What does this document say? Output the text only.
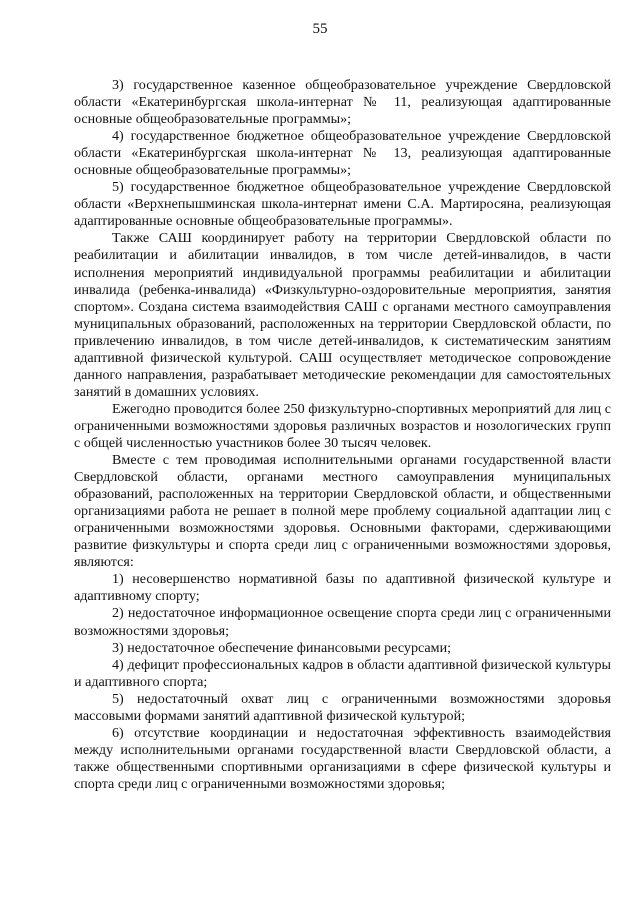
55

3) государственное казенное общеобразовательное учреждение Свердловской области «Екатеринбургская школа-интернат № 11, реализующая адаптированные основные общеобразовательные программы»;

4) государственное бюджетное общеобразовательное учреждение Свердловской области «Екатеринбургская школа-интернат № 13, реализующая адаптированные основные общеобразовательные программы»;

5) государственное бюджетное общеобразовательное учреждение Свердловской области «Верхнепышминская школа-интернат имени С.А. Мартиросяна, реализующая адаптированные основные общеобразовательные программы».

Также САШ координирует работу на территории Свердловской области по реабилитации и абилитации инвалидов, в том числе детей-инвалидов, в части исполнения мероприятий индивидуальной программы реабилитации и абилитации инвалида (ребенка-инвалида) «Физкультурно-оздоровительные мероприятия, занятия спортом». Создана система взаимодействия САШ с органами местного самоуправления муниципальных образований, расположенных на территории Свердловской области, по привлечению инвалидов, в том числе детей-инвалидов, к систематическим занятиям адаптивной физической культурой. САШ осуществляет методическое сопровождение данного направления, разрабатывает методические рекомендации для самостоятельных занятий в домашних условиях.

Ежегодно проводится более 250 физкультурно-спортивных мероприятий для лиц с ограниченными возможностями здоровья различных возрастов и нозологических групп с общей численностью участников более 30 тысяч человек.

Вместе с тем проводимая исполнительными органами государственной власти Свердловской области, органами местного самоуправления муниципальных образований, расположенных на территории Свердловской области, и общественными организациями работа не решает в полной мере проблему социальной адаптации лиц с ограниченными возможностями здоровья. Основными факторами, сдерживающими развитие физкультуры и спорта среди лиц с ограниченными возможностями здоровья, являются:

1) несовершенство нормативной базы по адаптивной физической культуре и адаптивному спорту;

2) недостаточное информационное освещение спорта среди лиц с ограниченными возможностями здоровья;

3) недостаточное обеспечение финансовыми ресурсами;

4) дефицит профессиональных кадров в области адаптивной физической культуры и адаптивного спорта;

5) недостаточный охват лиц с ограниченными возможностями здоровья массовыми формами занятий адаптивной физической культурой;

6) отсутствие координации и недостаточная эффективность взаимодействия между исполнительными органами государственной власти Свердловской области, а также общественными спортивными организациями в сфере физической культуры и спорта среди лиц с ограниченными возможностями здоровья;
